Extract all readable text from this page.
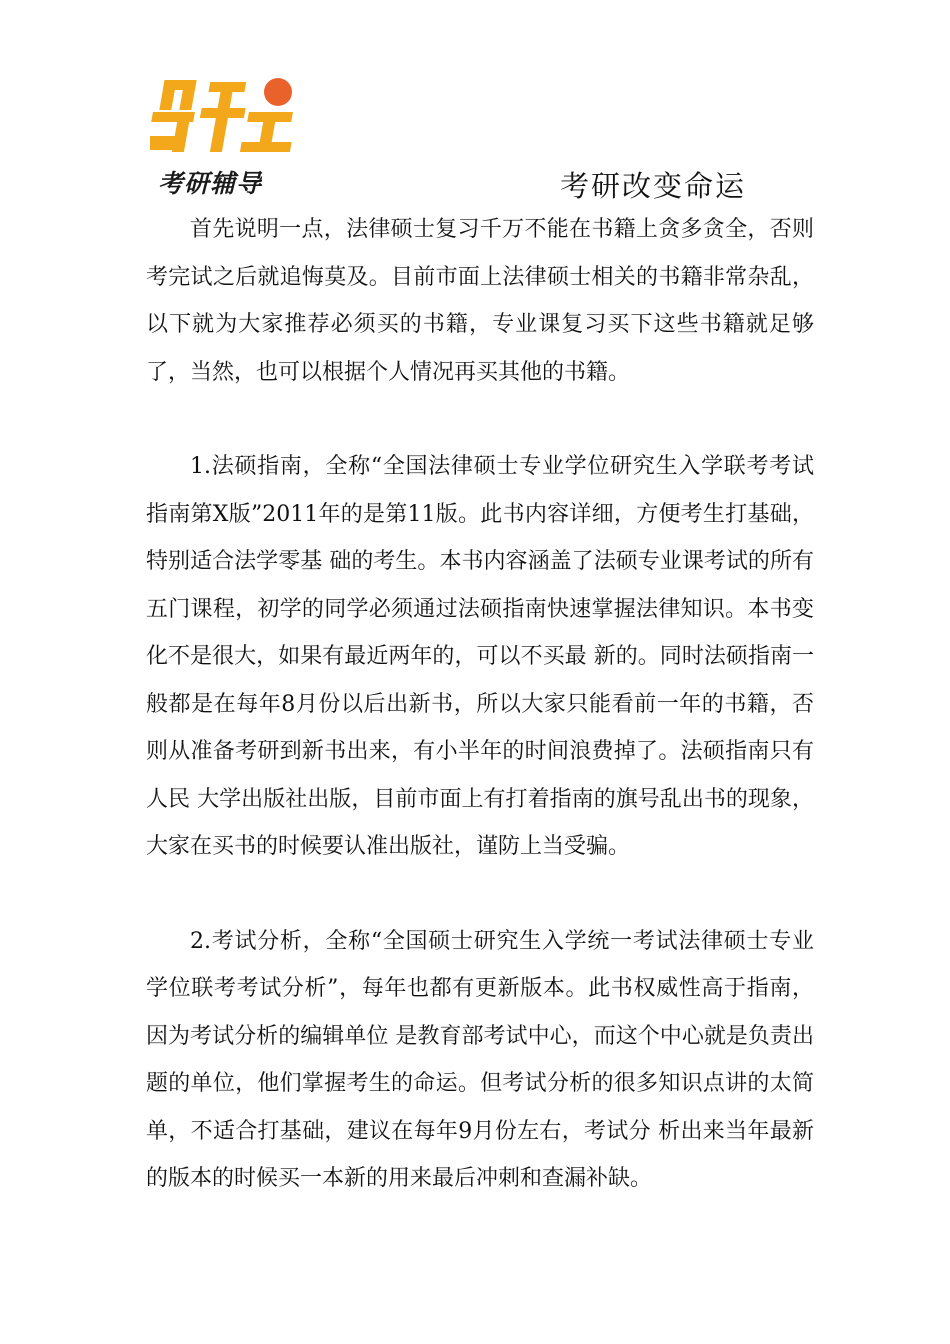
考研辅导	考研改变命运

首先说明一点，法律硕士复习千万不能在书籍上贪多贪全，否则考完试之后就追悔莫及。目前市面上法律硕士相关的书籍非常杂乱，以下就为大家推荐必须买的书籍，专业课复习买下这些书籍就足够了，当然，也可以根据个人情况再买其他的书籍。

1.法硕指南，全称“全国法律硕士专业学位研究生入学联考考试指南第X版”2011年的是第11版。此书内容详细，方便考生打基础，特别适合法学零基 础的考生。本书内容涵盖了法硕专业课考试的所有五门课程，初学的同学必须通过法硕指南快速掌握法律知识。本书变化不是很大，如果有最近两年的，可以不买最 新的。同时法硕指南一般都是在每年8月份以后出新书，所以大家只能看前一年的书籍，否则从准备考研到新书出来，有小半年的时间浪费掉了。法硕指南只有人民 大学出版社出版，目前市面上有打着指南的旗号乱出书的现象，大家在买书的时候要认准出版社，谨防上当受骗。

2.考试分析，全称“全国硕士研究生入学统一考试法律硕士专业学位联考考试分析”，每年也都有更新版本。此书权威性高于指南，因为考试分析的编辑单位 是教育部考试中心，而这个中心就是负责出题的单位，他们掌握考生的命运。但考试分析的很多知识点讲的太简单，不适合打基础，建议在每年9月份左右，考试分 析出来当年最新的版本的时候买一本新的用来最后冲刺和查漏补缺。
